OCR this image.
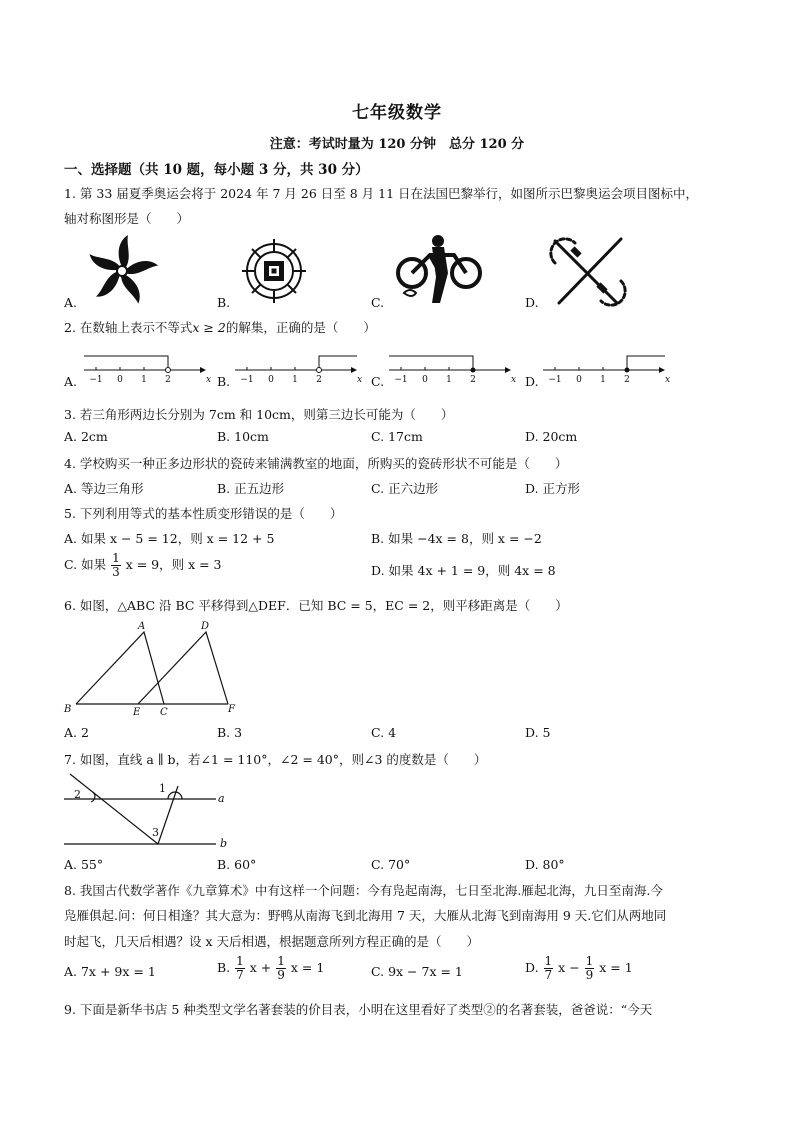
七年级数学
注意：考试时量为 120 分钟　总分 120 分
一、选择题（共 10 题，每小题 3 分，共 30 分）
1. 第 33 届夏季奥运会将于 2024 年 7 月 26 日至 8 月 11 日在法国巴黎举行，如图所示巴黎奥运会项目图标中，
轴对称图形是（　　）
A.	B.	C.	D.
2. 在数轴上表示不等式x ≥ 2的解集，正确的是（　　）
A. −1 0 1 2	x B. −1 0 1 2	x C. −1 0 1 2	x D. −1 0 1 2	x
3. 若三角形两边长分别为 7cm 和 10cm，则第三边长可能为（　　）
A. 2cm	B. 10cm	C. 17cm	D. 20cm
4. 学校购买一种正多边形状的瓷砖来铺满教室的地面，所购买的瓷砖形状不可能是（　　）
A. 等边三角形	B. 正五边形	C. 正六边形	D. 正方形
5. 下列利用等式的基本性质变形错误的是（　　）
A. 如果 x − 5 = 12，则 x = 12 + 5	B. 如果 −4x = 8，则 x = −2
C. 如果 $\frac{1}{3}$ x = 9，则 x = 3	D. 如果 4x + 1 = 9，则 4x = 8
6. 如图，△ABC 沿 BC 平移得到△DEF．已知 BC = 5，EC = 2，则平移距离是（　　）
A	D
B	E C	F
A. 2	B. 3	C. 4	D. 5
7. 如图，直线 a ∥ b，若∠1 = 110°，∠2 = 40°，则∠3 的度数是（　　）
2	1
3
a
b
A. 55°	B. 60°	C. 70°	D. 80°
8. 我国古代数学著作《九章算术》中有这样一个问题：今有凫起南海，七日至北海.雁起北海，九日至南海.今
凫雁俱起.问：何日相逢？其大意为：野鸭从南海飞到北海用 7 天，大雁从北海飞到南海用 9 天.它们从两地同
时起飞，几天后相遇？设 x 天后相遇，根据题意所列方程正确的是（　　）
A. 7x + 9x = 1	B. $\frac{1}{7}$ $x + \frac{1}{9}$ x = 1	C. 9x − 7x = 1	D. $\frac{1}{7}$ $x - \frac{1}{9}$ x = 1
9. 下面是新华书店 5 种类型文学名著套装的价目表，小明在这里看好了类型②的名著套装，爸爸说：“今天
